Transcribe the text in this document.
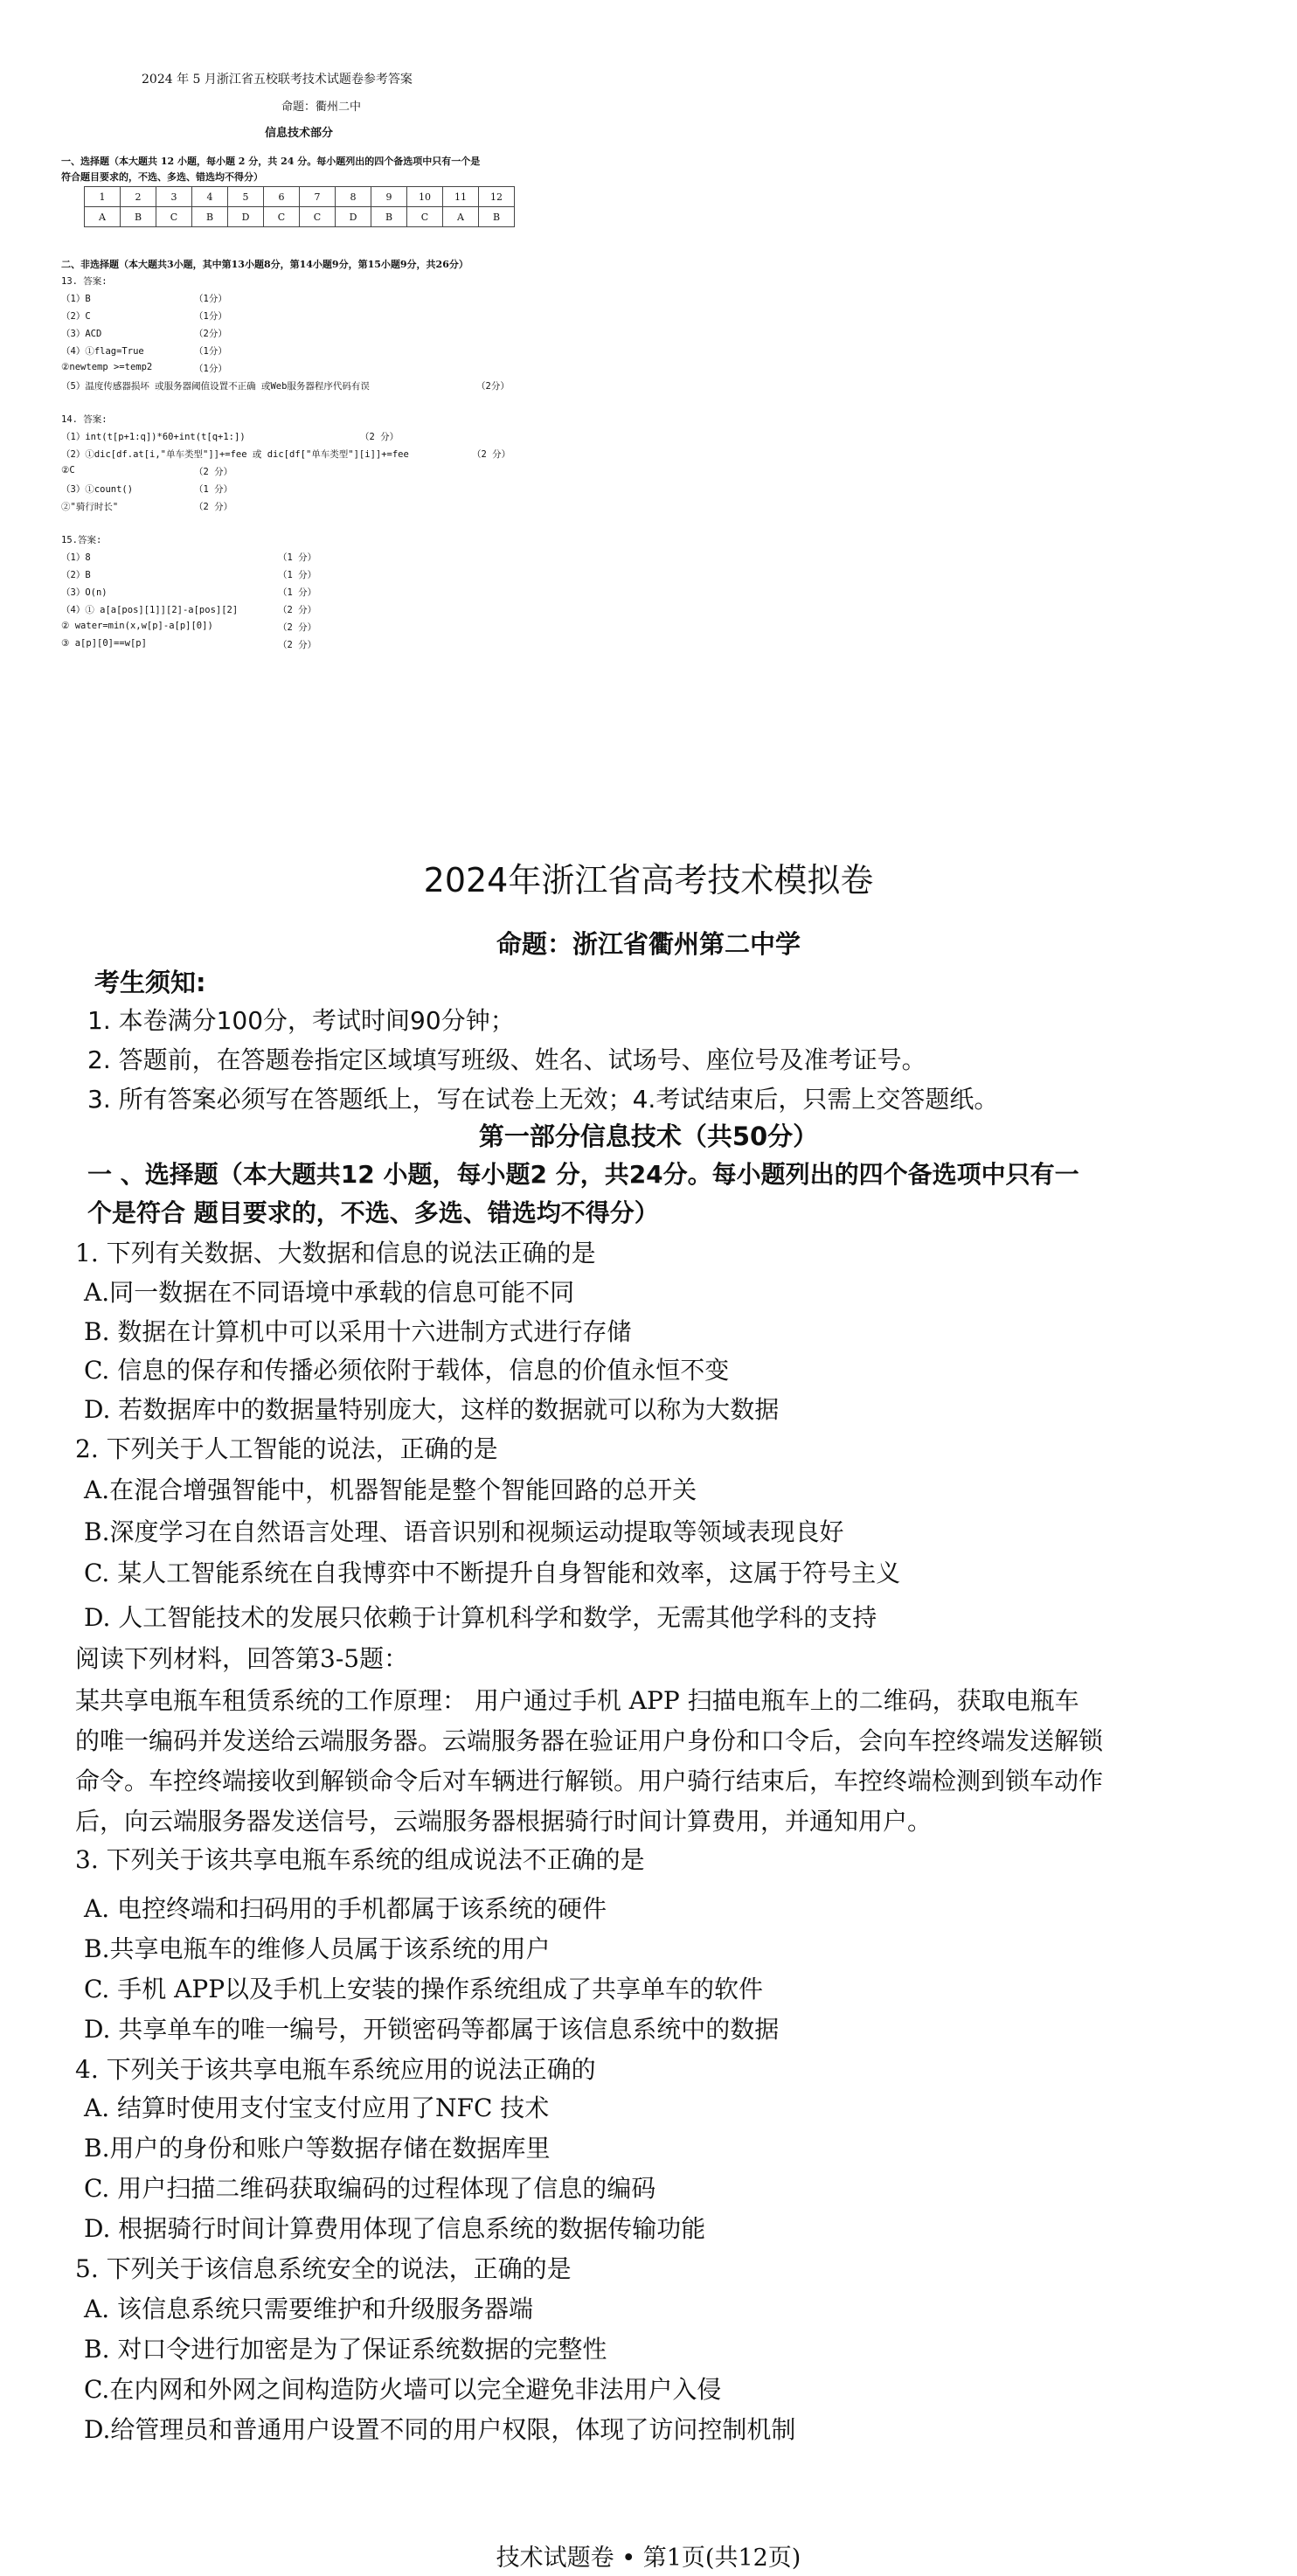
2024 年 5 月浙江省五校联考技术试题卷参考答案
命题：衢州二中
信息技术部分
一、选择题（本大题共 12 小题，每小题 2 分，共 24 分。每小题列出的四个备选项中只有一个是
符合题目要求的，不选、多选、错选均不得分）
1	2	3	4	5	6	7	8	9	10	11	12
A	B	C	B	D	C	C	D	B	C	A	B
二、非选择题（本大题共3小题，其中第13小题8分，第14小题9分，第15小题9分，共26分）
13. 答案:
（1）B	（1分）
（2）C	（1分）
（3）ACD	（2分）
（4）①flag=True	（1分）
②newtemp >=temp2	（1分）
（5）温度传感器损坏 或服务器阈值设置不正确 或Web服务器程序代码有误	（2分）
14. 答案:
（1）int(t[p+1:q])*60+int(t[q+1:])	（2 分）
（2）①dic[df.at[i,"单车类型"]]+=fee 或 dic[df["单车类型"][i]]+=fee	（2 分）
②C	（2 分）
（3）①count()	（1 分）
②"骑行时长"	（2 分）
15.答案:
（1）8	（1 分）
（2）B	（1 分）
（3）O(n)	（1 分）
（4）① a[a[pos][1]][2]-a[pos][2]	（2 分）
② water=min(x,w[p]-a[p][0])	（2 分）
③ a[p][0]==w[p]	（2 分）
2024年浙江省高考技术模拟卷
命题：浙江省衢州第二中学
考生须知:
1. 本卷满分100分，考试时间90分钟；
2. 答题前，在答题卷指定区域填写班级、姓名、试场号、座位号及准考证号。
3. 所有答案必须写在答题纸上，写在试卷上无效；4.考试结束后，只需上交答题纸。
第一部分信息技术（共50分）
一 、选择题（本大题共12 小题，每小题2 分，共24分。每小题列出的四个备选项中只有一
个是符合 题目要求的，不选、多选、错选均不得分）
1. 下列有关数据、大数据和信息的说法正确的是
A.同一数据在不同语境中承载的信息可能不同
B. 数据在计算机中可以采用十六进制方式进行存储
C. 信息的保存和传播必须依附于载体，信息的价值永恒不变
D. 若数据库中的数据量特别庞大，这样的数据就可以称为大数据
2. 下列关于人工智能的说法，正确的是
A.在混合增强智能中，机器智能是整个智能回路的总开关
B.深度学习在自然语言处理、语音识别和视频运动提取等领域表现良好
C. 某人工智能系统在自我博弈中不断提升自身智能和效率，这属于符号主义
D. 人工智能技术的发展只依赖于计算机科学和数学，无需其他学科的支持
阅读下列材料，回答第3-5题：
某共享电瓶车租赁系统的工作原理： 用户通过手机 APP 扫描电瓶车上的二维码，获取电瓶车
的唯一编码并发送给云端服务器。云端服务器在验证用户身份和口令后，会向车控终端发送解锁
命令。车控终端接收到解锁命令后对车辆进行解锁。用户骑行结束后，车控终端检测到锁车动作
后，向云端服务器发送信号，云端服务器根据骑行时间计算费用，并通知用户。
3. 下列关于该共享电瓶车系统的组成说法不正确的是
A. 电控终端和扫码用的手机都属于该系统的硬件
B.共享电瓶车的维修人员属于该系统的用户
C. 手机 APP以及手机上安装的操作系统组成了共享单车的软件
D. 共享单车的唯一编号，开锁密码等都属于该信息系统中的数据
4. 下列关于该共享电瓶车系统应用的说法正确的
A. 结算时使用支付宝支付应用了NFC 技术
B.用户的身份和账户等数据存储在数据库里
C. 用户扫描二维码获取编码的过程体现了信息的编码
D. 根据骑行时间计算费用体现了信息系统的数据传输功能
5. 下列关于该信息系统安全的说法，正确的是
A. 该信息系统只需要维护和升级服务器端
B. 对口令进行加密是为了保证系统数据的完整性
C.在内网和外网之间构造防火墙可以完全避免非法用户入侵
D.给管理员和普通用户设置不同的用户权限，体现了访问控制机制
技术试题卷 • 第1页(共12页)
